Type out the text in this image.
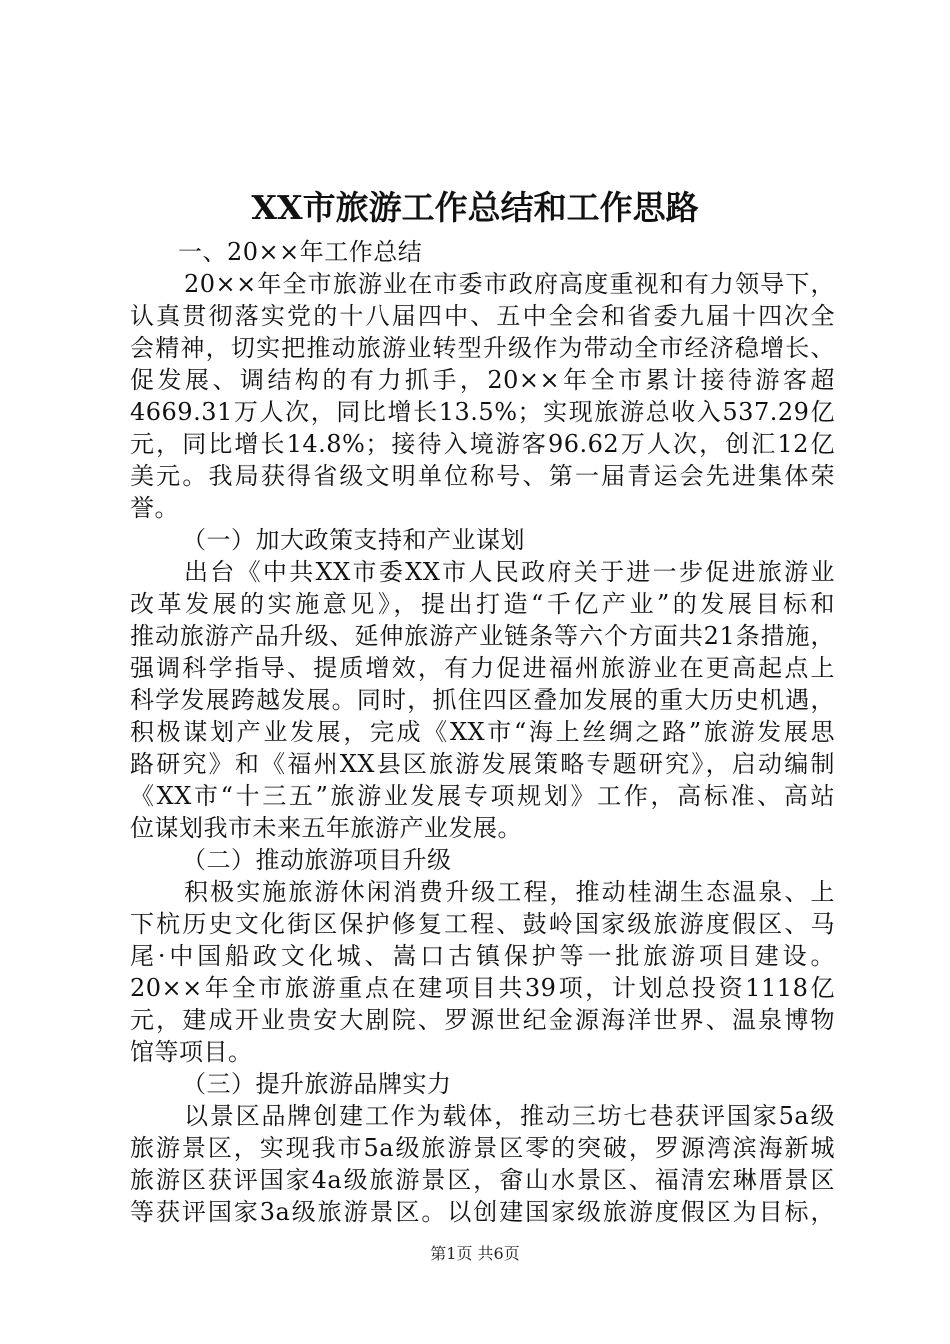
XX市旅游工作总结和工作思路
一、20××年工作总结
20××年全市旅游业在市委市政府高度重视和有力领导下，
认真贯彻落实党的十八届四中、五中全会和省委九届十四次全
会精神，切实把推动旅游业转型升级作为带动全市经济稳增长、
促发展、调结构的有力抓手，20××年全市累计接待游客超
4669.31万人次，同比增长13.5%；实现旅游总收入537.29亿
元，同比增长14.8%；接待入境游客96.62万人次，创汇12亿
美元。我局获得省级文明单位称号、第一届青运会先进集体荣
誉。
（一）加大政策支持和产业谋划
出台《中共XX市委XX市人民政府关于进一步促进旅游业
改革发展的实施意见》，提出打造“千亿产业”的发展目标和
推动旅游产品升级、延伸旅游产业链条等六个方面共21条措施，
强调科学指导、提质增效，有力促进福州旅游业在更高起点上
科学发展跨越发展。同时，抓住四区叠加发展的重大历史机遇，
积极谋划产业发展，完成《XX市“海上丝绸之路”旅游发展思
路研究》和《福州XX县区旅游发展策略专题研究》，启动编制
《XX市“十三五”旅游业发展专项规划》工作，高标准、高站
位谋划我市未来五年旅游产业发展。
（二）推动旅游项目升级
积极实施旅游休闲消费升级工程，推动桂湖生态温泉、上
下杭历史文化街区保护修复工程、鼓岭国家级旅游度假区、马
尾·中国船政文化城、嵩口古镇保护等一批旅游项目建设。
20××年全市旅游重点在建项目共39项，计划总投资1118亿
元，建成开业贵安大剧院、罗源世纪金源海洋世界、温泉博物
馆等项目。
（三）提升旅游品牌实力
以景区品牌创建工作为载体，推动三坊七巷获评国家5a级
旅游景区，实现我市5a级旅游景区零的突破，罗源湾滨海新城
旅游区获评国家4a级旅游景区，畲山水景区、福清宏琳厝景区
等获评国家3a级旅游景区。以创建国家级旅游度假区为目标，
第1页 共6页
